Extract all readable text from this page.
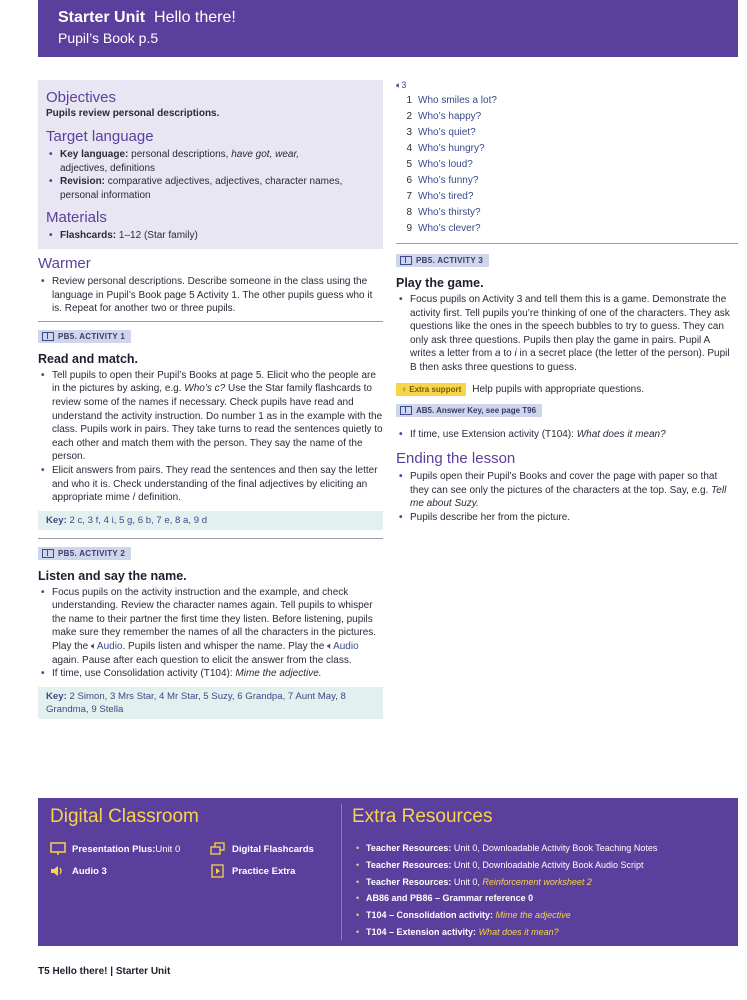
Starter Unit Hello there!
Pupil’s Book p.5
Objectives
Pupils review personal descriptions.
Target language
• Key language: personal descriptions, have got, wear,
adjectives, definitions
• Revision: comparative adjectives, adjectives, character names, personal information
Materials
• Flashcards: 1–12 (Star family)
Warmer
• Review personal descriptions. Describe someone in the class using the language in Pupil’s Book page 5 Activity 1. The other pupils guess who it is. Repeat for another two or three pupils.
PB5. ACTIVITY 1
Read and match.
• Tell pupils to open their Pupil’s Books at page 5. Elicit who the people are in the pictures by asking, e.g. Who’s c? Use the Star family flashcards to review some of the names if necessary. Check pupils have read and understand the activity instruction. Do number 1 as in the example with the class. Pupils work in pairs. They take turns to read the sentences quietly to each other and match them with the person. They say the name of the person.
• Elicit answers from pairs. They read the sentences and then say the letter and who it is. Check understanding of the final adjectives by eliciting an appropriate mime / definition.
Key: 2 c, 3 f, 4 i, 5 g, 6 b, 7 e, 8 a, 9 d
PB5. ACTIVITY 2
Listen and say the name.
• Focus pupils on the activity instruction and the example, and check understanding. Review the character names again. Tell pupils to whisper the name to their partner the first time they listen. Before listening, pupils make sure they remember the names of all the characters in the pictures. Play the 🔈︎Audio. Pupils listen and whisper the name. Play the 🔈︎Audio again. Pause after each question to elicit the answer from the class.
• If time, use Consolidation activity (T104): Mime the adjective.
Key: 2 Simon, 3 Mrs Star, 4 Mr Star, 5 Suzy, 6 Grandpa, 7 Aunt May, 8 Grandma, 9 Stella
🔈︎3
1 Who smiles a lot?
2 Who’s happy?
3 Who’s quiet?
4 Who’s hungry?
5 Who’s loud?
6 Who’s funny?
7 Who’s tired?
8 Who’s thirsty?
9 Who’s clever?
PB5. ACTIVITY 3
Play the game.
• Focus pupils on Activity 3 and tell them this is a game. Demonstrate the activity first. Tell pupils you’re thinking of one of the characters. They ask questions like the ones in the speech bubbles to try to guess. They can only ask three questions. Pupils then play the game in pairs. Pupil A writes a letter from a to i in a secret place (the letter of the person). Pupil B then asks three questions to guess.
♀ Extra support Help pupils with appropriate questions.
AB5. Answer Key, see page T96
• If time, use Extension activity (T104): What does it mean?
Ending the lesson
• Pupils open their Pupil’s Books and cover the page with paper so that they can see only the pictures of the characters at the top. Say, e.g. Tell me about Suzy.
• Pupils describe her from the picture.
Digital Classroom	Extra Resources
Presentation Plus: Unit 0	Digital Flashcards
Audio 3	Practice Extra
• Teacher Resources: Unit 0, Downloadable Activity Book Teaching Notes
• Teacher Resources: Unit 0, Downloadable Activity Book Audio Script
• Teacher Resources: Unit 0, Reinforcement worksheet 2
• AB86 and PB86 – Grammar reference 0
• T104 – Consolidation activity: Mime the adjective
• T104 – Extension activity: What does it mean?
T5 Hello there! | Starter Unit
